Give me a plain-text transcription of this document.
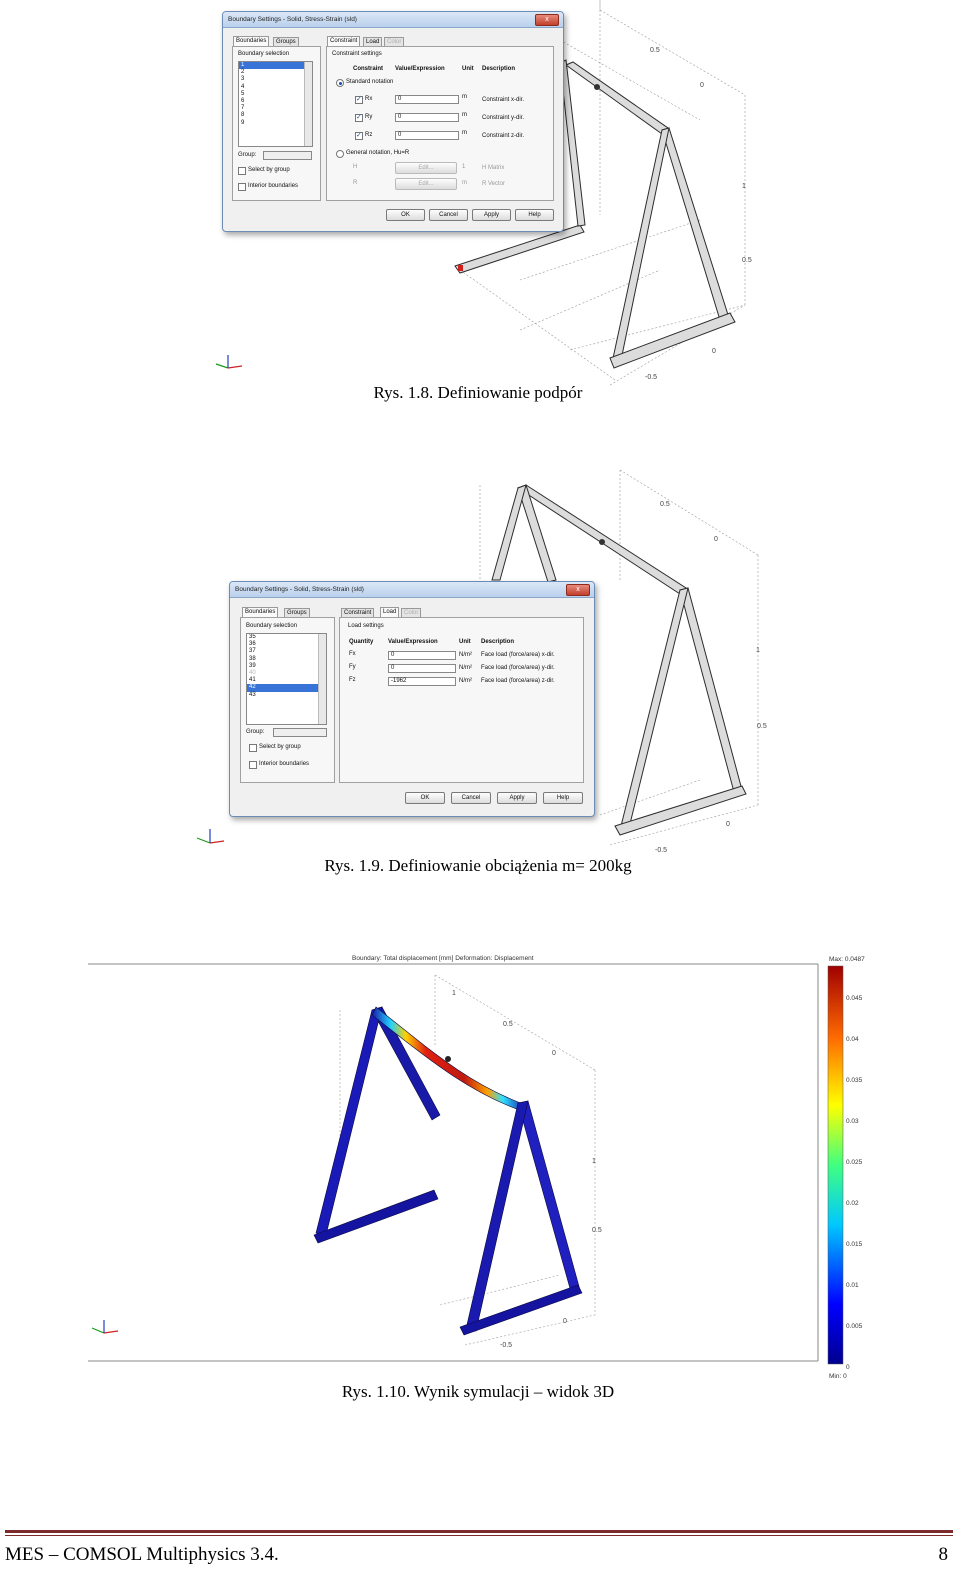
0.5
0
1
0.5
0
-0.5
Boundary Settings - Solid, Stress-Strain (sld)	x
Boundaries	Groups
Boundary selection
1
2
3
4
5
6
7
8
9
Group:
Select by group
Interior boundaries
Constraint	Load	Color
Constraint settings
Constraint Value/Expression	Unit Description
Standard notation
✓
Rx	0	m	Constraint x-dir.
✓
Ry	0	m	Constraint y-dir.
✓
Rz	0	m	Constraint z-dir.
General notation, Hu=R
H	Edit...	1	H Matrix
R	Edit...	m	R Vector
OK	Cancel	Apply	Help
Rys. 1.8. Definiowanie podpór
0.5
0
1
0.5
0
-0.5
Boundary Settings - Solid, Stress-Strain (sld)	x
Boundaries	Groups
Boundary selection
35
36
37
38
39
40
41
42
43
Group:
Select by group
Interior boundaries
Constraint	Load	Color
Load settings
Quantity Value/Expression	Unit Description
Fx	0	N/m² Face load (force/area) x-dir.
Fy	0	N/m² Face load (force/area) y-dir.
Fz	-1962	N/m² Face load (force/area) z-dir.
OK	Cancel	Apply	Help
Rys. 1.9. Definiowanie obciążenia m= 200kg
1
0.5
0
1
0.5
0
-0.5
Boundary: Total displacement [mm] Deformation: Displacement	Max: 0.0487
Min: 0
0.045
0.04
0.035
0.03
0.025
0.02
0.015
0.01
0.005
0
Rys. 1.10. Wynik symulacji – widok 3D
MES – COMSOL Multiphysics 3.4.	8
